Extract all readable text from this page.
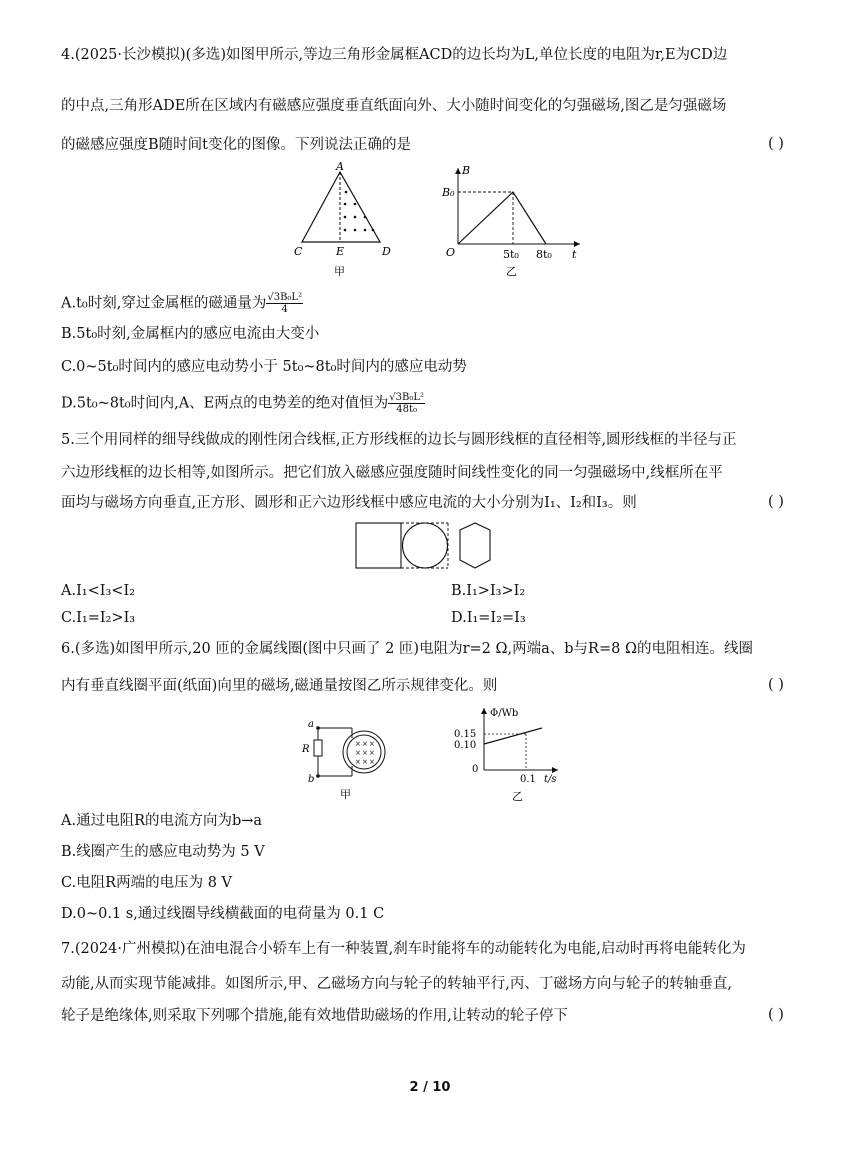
4.(2025·长沙模拟)(多选)如图甲所示,等边三角形金属框ACD的边长均为L,单位长度的电阻为r,E为CD边
的中点,三角形ADE所在区域内有磁感应强度垂直纸面向外、大小随时间变化的匀强磁场,图乙是匀强磁场
的磁感应强度B随时间t变化的图像。下列说法正确的是	( )
A
C	E	D
甲
B
B₀
O	5t₀ 8t₀ t
乙
A.t₀时刻,穿过金属框的磁通量为 $\frac{\text{√3B₀L²}}{4}$
B.5t₀时刻,金属框内的感应电流由大变小
C.0~5t₀时间内的感应电动势小于 5t₀~8t₀时间内的感应电动势
D.5t₀~8t₀时间内,A、E两点的电势差的绝对值恒为 $\frac{\text{√3B₀L²}}{\text{48t₀}}$
5.三个用同样的细导线做成的刚性闭合线框,正方形线框的边长与圆形线框的直径相等,圆形线框的半径与正
六边形线框的边长相等,如图所示。把它们放入磁感应强度随时间线性变化的同一匀强磁场中,线框所在平
面均与磁场方向垂直,正方形、圆形和正六边形线框中感应电流的大小分别为I₁、I₂和I₃。则	( )
A.I₁<I₃<I₂	B.I₁>I₃>I₂
C.I₁=I₂>I₃	D.I₁=I₂=I₃
6.(多选)如图甲所示,20 匝的金属线圈(图中只画了 2 匝)电阻为r=2 Ω,两端a、b与R=8 Ω的电阻相连。线圈
内有垂直线圈平面(纸面)向里的磁场,磁通量按图乙所示规律变化。则	( )
× × ×
× × ×
× × ×
a
R
b
甲
Φ/Wb
0.15
0.10
0
0.1 t/s
乙
A.通过电阻R的电流方向为b→a
B.线圈产生的感应电动势为 5 V
C.电阻R两端的电压为 8 V
D.0~0.1 s,通过线圈导线横截面的电荷量为 0.1 C
7.(2024·广州模拟)在油电混合小轿车上有一种装置,刹车时能将车的动能转化为电能,启动时再将电能转化为
动能,从而实现节能减排。如图所示,甲、乙磁场方向与轮子的转轴平行,丙、丁磁场方向与轮子的转轴垂直,
轮子是绝缘体,则采取下列哪个措施,能有效地借助磁场的作用,让转动的轮子停下	( )
2 / 10
